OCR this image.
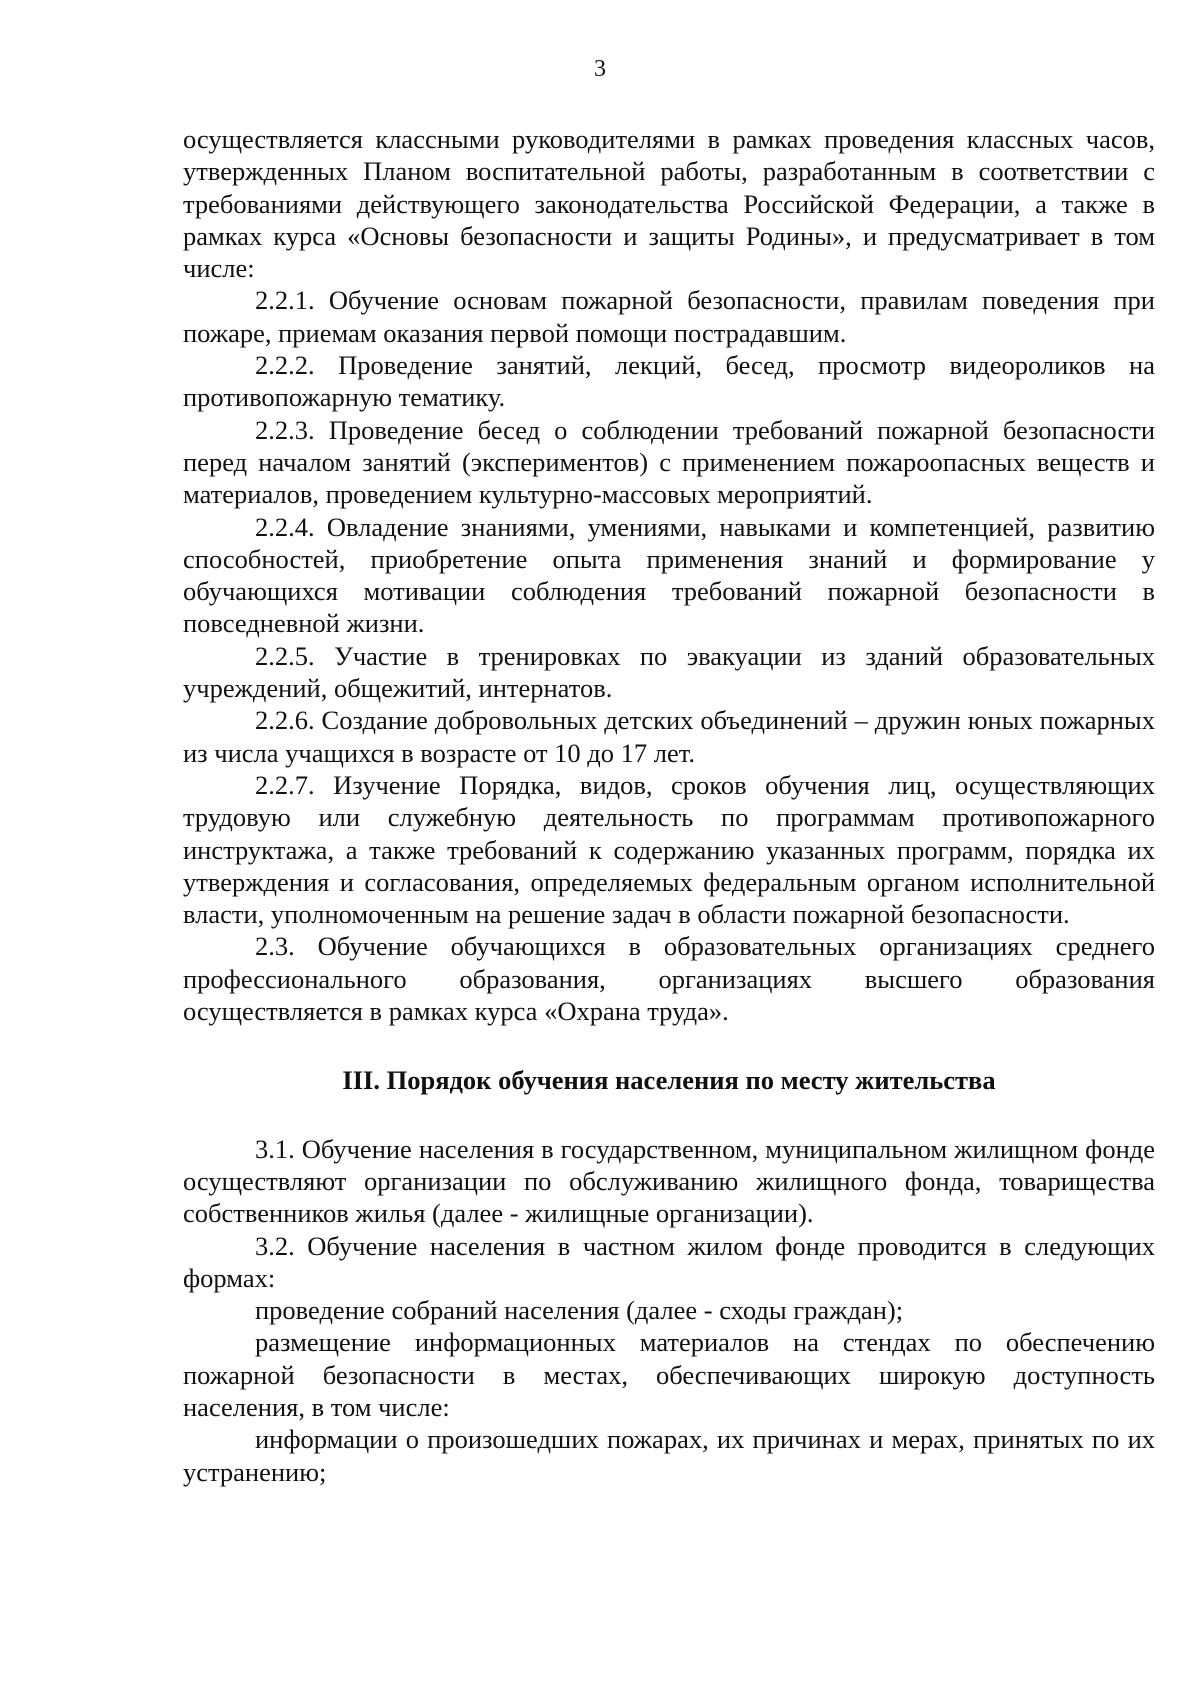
3

осуществляется классными руководителями в рамках проведения классных часов, утвержденных Планом воспитательной работы, разработанным в соответствии с требованиями действующего законодательства Российской Федерации, а также в рамках курса «Основы безопасности и защиты Родины», и предусматривает в том числе:

2.2.1. Обучение основам пожарной безопасности, правилам поведения при пожаре, приемам оказания первой помощи пострадавшим.

2.2.2. Проведение занятий, лекций, бесед, просмотр видеороликов на противопожарную тематику.

2.2.3. Проведение бесед о соблюдении требований пожарной безопасности перед началом занятий (экспериментов) с применением пожароопасных веществ и материалов, проведением культурно-массовых мероприятий.

2.2.4. Овладение знаниями, умениями, навыками и компетенцией, развитию способностей, приобретение опыта применения знаний и формирование у обучающихся мотивации соблюдения требований пожарной безопасности в повседневной жизни.

2.2.5. Участие в тренировках по эвакуации из зданий образовательных учреждений, общежитий, интернатов.

2.2.6. Создание добровольных детских объединений – дружин юных пожарных из числа учащихся в возрасте от 10 до 17 лет.

2.2.7. Изучение Порядка, видов, сроков обучения лиц, осуществляющих трудовую или служебную деятельность по программам противопожарного инструктажа, а также требований к содержанию указанных программ, порядка их утверждения и согласования, определяемых федеральным органом исполнительной власти, уполномоченным на решение задач в области пожарной безопасности.

2.3. Обучение обучающихся в образовательных организациях среднего профессионального образования, организациях высшего образования осуществляется в рамках курса «Охрана труда».

III. Порядок обучения населения по месту жительства

3.1. Обучение населения в государственном, муниципальном жилищном фонде осуществляют организации по обслуживанию жилищного фонда, товарищества собственников жилья (далее - жилищные организации).

3.2. Обучение населения в частном жилом фонде проводится в следующих формах:

проведение собраний населения (далее - сходы граждан);

размещение информационных материалов на стендах по обеспечению пожарной безопасности в местах, обеспечивающих широкую доступность населения, в том числе:

информации о произошедших пожарах, их причинах и мерах, принятых по их устранению;
